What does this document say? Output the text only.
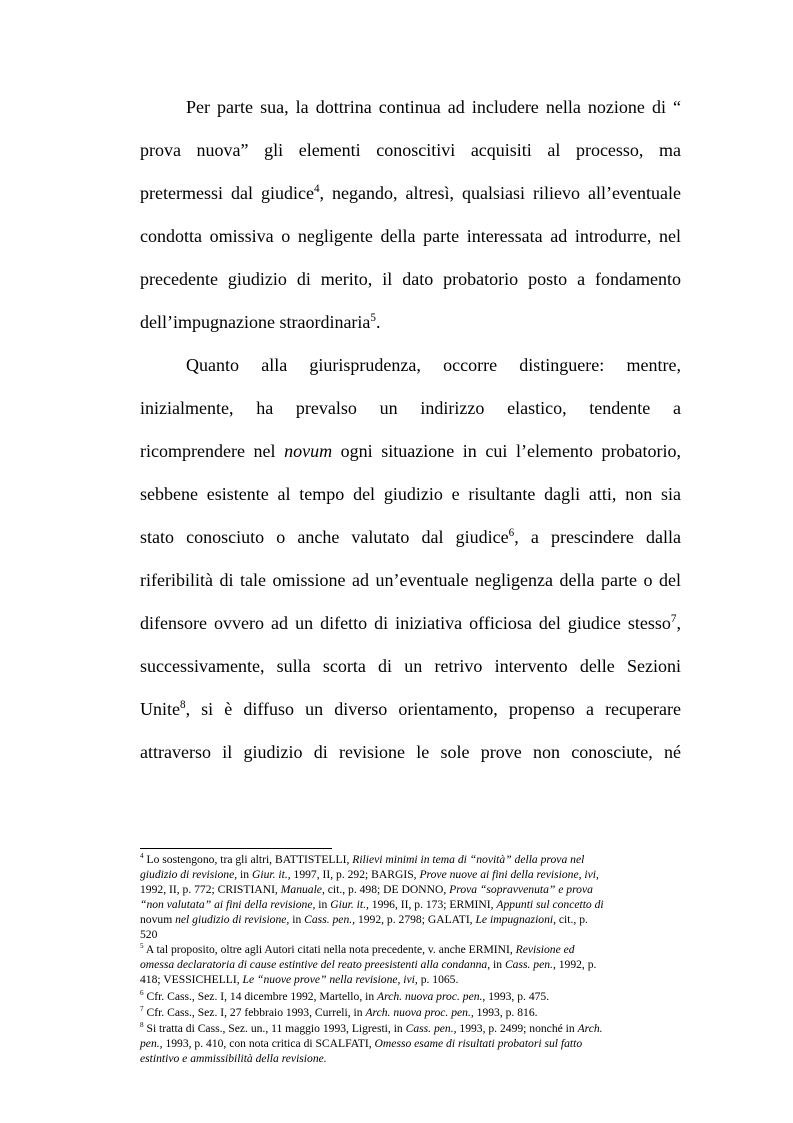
Per parte sua, la dottrina continua ad includere nella nozione di “
prova nuova” gli elementi conoscitivi acquisiti al processo, ma
pretermessi dal giudice$^4$, negando, altresì, qualsiasi rilievo all’eventuale
condotta omissiva o negligente della parte interessata ad introdurre, nel
precedente giudizio di merito, il dato probatorio posto a fondamento
dell’impugnazione straordinaria$^5$.
Quanto alla giurisprudenza, occorre distinguere: mentre,
inizialmente, ha prevalso un indirizzo elastico, tendente a
ricomprendere nel novum ogni situazione in cui l’elemento probatorio,
sebbene esistente al tempo del giudizio e risultante dagli atti, non sia
stato conosciuto o anche valutato dal giudice$^6$, a prescindere dalla
riferibilità di tale omissione ad un’eventuale negligenza della parte o del
difensore ovvero ad un difetto di iniziativa officiosa del giudice stesso$^7$,
successivamente, sulla scorta di un retrivo intervento delle Sezioni
Unite$^8$, si è diffuso un diverso orientamento, propenso a recuperare
attraverso il giudizio di revisione le sole prove non conosciute, né
$^4$ Lo sostengono, tra gli altri, BATTISTELLI, Rilievi minimi in tema di “novità” della prova nel
giudizio di revisione, in Giur. it., 1997, II, p. 292; BARGIS, Prove nuove ai fini della revisione, ivi,
1992, II, p. 772; CRISTIANI, Manuale, cit., p. 498; DE DONNO, Prova “sopravvenuta” e prova
“non valutata” ai fini della revisione, in Giur. it., 1996, II, p. 173; ERMINI, Appunti sul concetto di
novum nel giudizio di revisione, in Cass. pen., 1992, p. 2798; GALATI, Le impugnazioni, cit., p.
520
$^5$ A tal proposito, oltre agli Autori citati nella nota precedente, v. anche ERMINI, Revisione ed
omessa declaratoria di cause estintive del reato preesistenti alla condanna, in Cass. pen., 1992, p.
418; VESSICHELLI, Le “nuove prove” nella revisione, ivi, p. 1065.
$^6$ Cfr. Cass., Sez. I, 14 dicembre 1992, Martello, in Arch. nuova proc. pen., 1993, p. 475.
$^7$ Cfr. Cass., Sez. I, 27 febbraio 1993, Curreli, in Arch. nuova proc. pen., 1993, p. 816.
$^8$ Si tratta di Cass., Sez. un., 11 maggio 1993, Ligresti, in Cass. pen., 1993, p. 2499; nonché in Arch.
pen., 1993, p. 410, con nota critica di SCALFATI, Omesso esame di risultati probatori sul fatto
estintivo e ammissibilità della revisione.
